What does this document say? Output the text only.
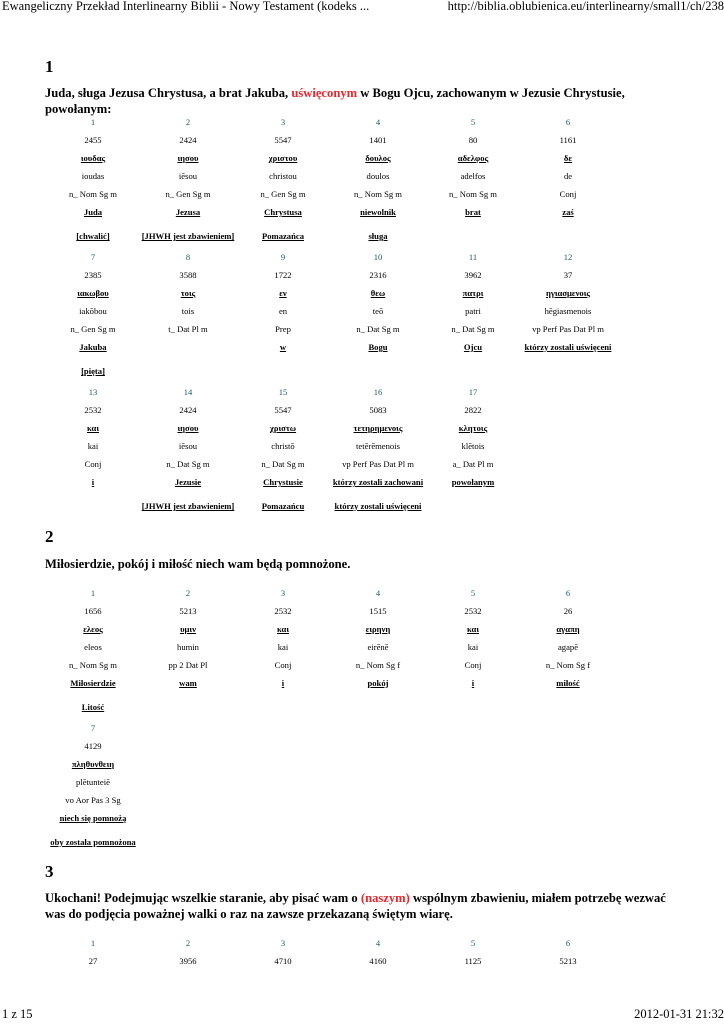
Ewangeliczny Przekład Interlinearny Biblii - Nowy Testament (kodeks ...	http://biblia.oblubienica.eu/interlinearny/small1/ch/238
1
Juda, sługa Jezusa Chrystusa, a brat Jakuba, uświęconym w Bogu Ojcu, zachowanym w Jezusie Chrystusie, powołanym:
2
Miłosierdzie, pokój i miłość niech wam będą pomnożone.
3
Ukochani! Podejmując wszelkie staranie, aby pisać wam o (naszym) wspólnym zbawieniu, miałem potrzebę wezwać was do podjęcia poważnej walki o raz na zawsze przekazaną świętym wiarę.
1
2455
ιουδας
ioudas
n_ Nom Sg m
Juda
[chwalić]
2
2424
ιησου
iēsou
n_ Gen Sg m
Jezusa
[JHWH jest zbawieniem]
3
5547
χριστου
christou
n_ Gen Sg m
Chrystusa
Pomazańca
4
1401
δουλος
doulos
n_ Nom Sg m
niewolnik
sługa
5
80
αδελφος
adelfos
n_ Nom Sg m
brat
6
1161
δε
de
Conj
zaś
7
2385
ιακωβου
iakōbou
n_ Gen Sg m
Jakuba
[pięta]
8
3588
τοις
tois
t_ Dat Pl m
9
1722
εν
en
Prep
w
10
2316
θεω
teō
n_ Dat Sg m
Bogu
11
3962
πατρι
patri
n_ Dat Sg m
Ojcu
12
37
ηγιασμενοις
hēgiasmenois
vp Perf Pas Dat Pl m
którzy zostali uświęceni
13
2532
και
kai
Conj
i
14
2424
ιησου
iēsou
n_ Dat Sg m
Jezusie
[JHWH jest zbawieniem]
15
5547
χριστω
christō
n_ Dat Sg m
Chrystusie
Pomazańcu
16
5083
τετηρημενοις
tetērēmenois
vp Perf Pas Dat Pl m
którzy zostali zachowani
którzy zostali uświęceni
17
2822
κλητοις
klētois
a_ Dat Pl m
powołanym
1
1656
ελεος
eleos
n_ Nom Sg m
Miłosierdzie
Litość
2
5213
υμιν
humin
pp 2 Dat Pl
wam
3
2532
και
kai
Conj
i
4
1515
ειρηνη
eirēnē
n_ Nom Sg f
pokój
5
2532
και
kai
Conj
i
6
26
αγαπη
agapē
n_ Nom Sg f
miłość
7
4129
πληθυνθειη
plētunteiē
vo Aor Pas 3 Sg
niech się pomnożą
oby została pomnożona
1
27
2
3956
3
4710
4
4160
5
1125
6
5213
1 z 15	2012-01-31 21:32
